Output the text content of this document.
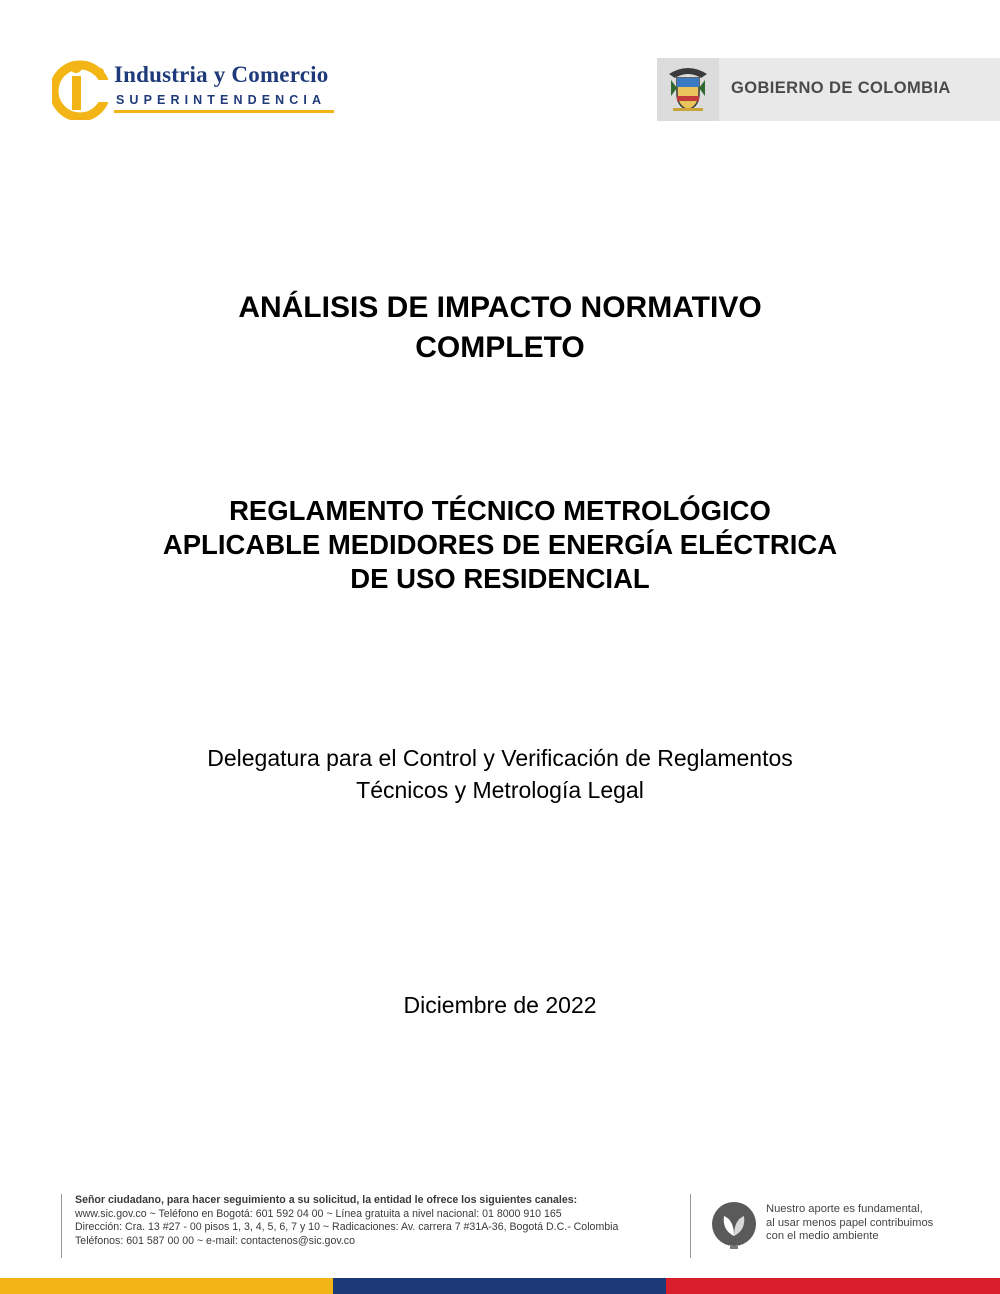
Industria y Comercio
SUPERINTENDENCIA
GOBIERNO DE COLOMBIA
ANÁLISIS DE IMPACTO NORMATIVO
COMPLETO
REGLAMENTO TÉCNICO METROLÓGICO
APLICABLE MEDIDORES DE ENERGÍA ELÉCTRICA
DE USO RESIDENCIAL
Delegatura para el Control y Verificación de Reglamentos
Técnicos y Metrología Legal
Diciembre de 2022
Señor ciudadano, para hacer seguimiento a su solicitud, la entidad le ofrece los siguientes canales:
www.sic.gov.co ~ Teléfono en Bogotá: 601 592 04 00 ~ Línea gratuita a nivel nacional: 01 8000 910 165
Dirección: Cra. 13 #27 - 00 pisos 1, 3, 4, 5, 6, 7 y 10 ~ Radicaciones: Av. carrera 7 #31A-36, Bogotá D.C.- Colombia
Teléfonos: 601 587 00 00 ~ e-mail: contactenos@sic.gov.co
Nuestro aporte es fundamental,
al usar menos papel contribuimos
con el medio ambiente
